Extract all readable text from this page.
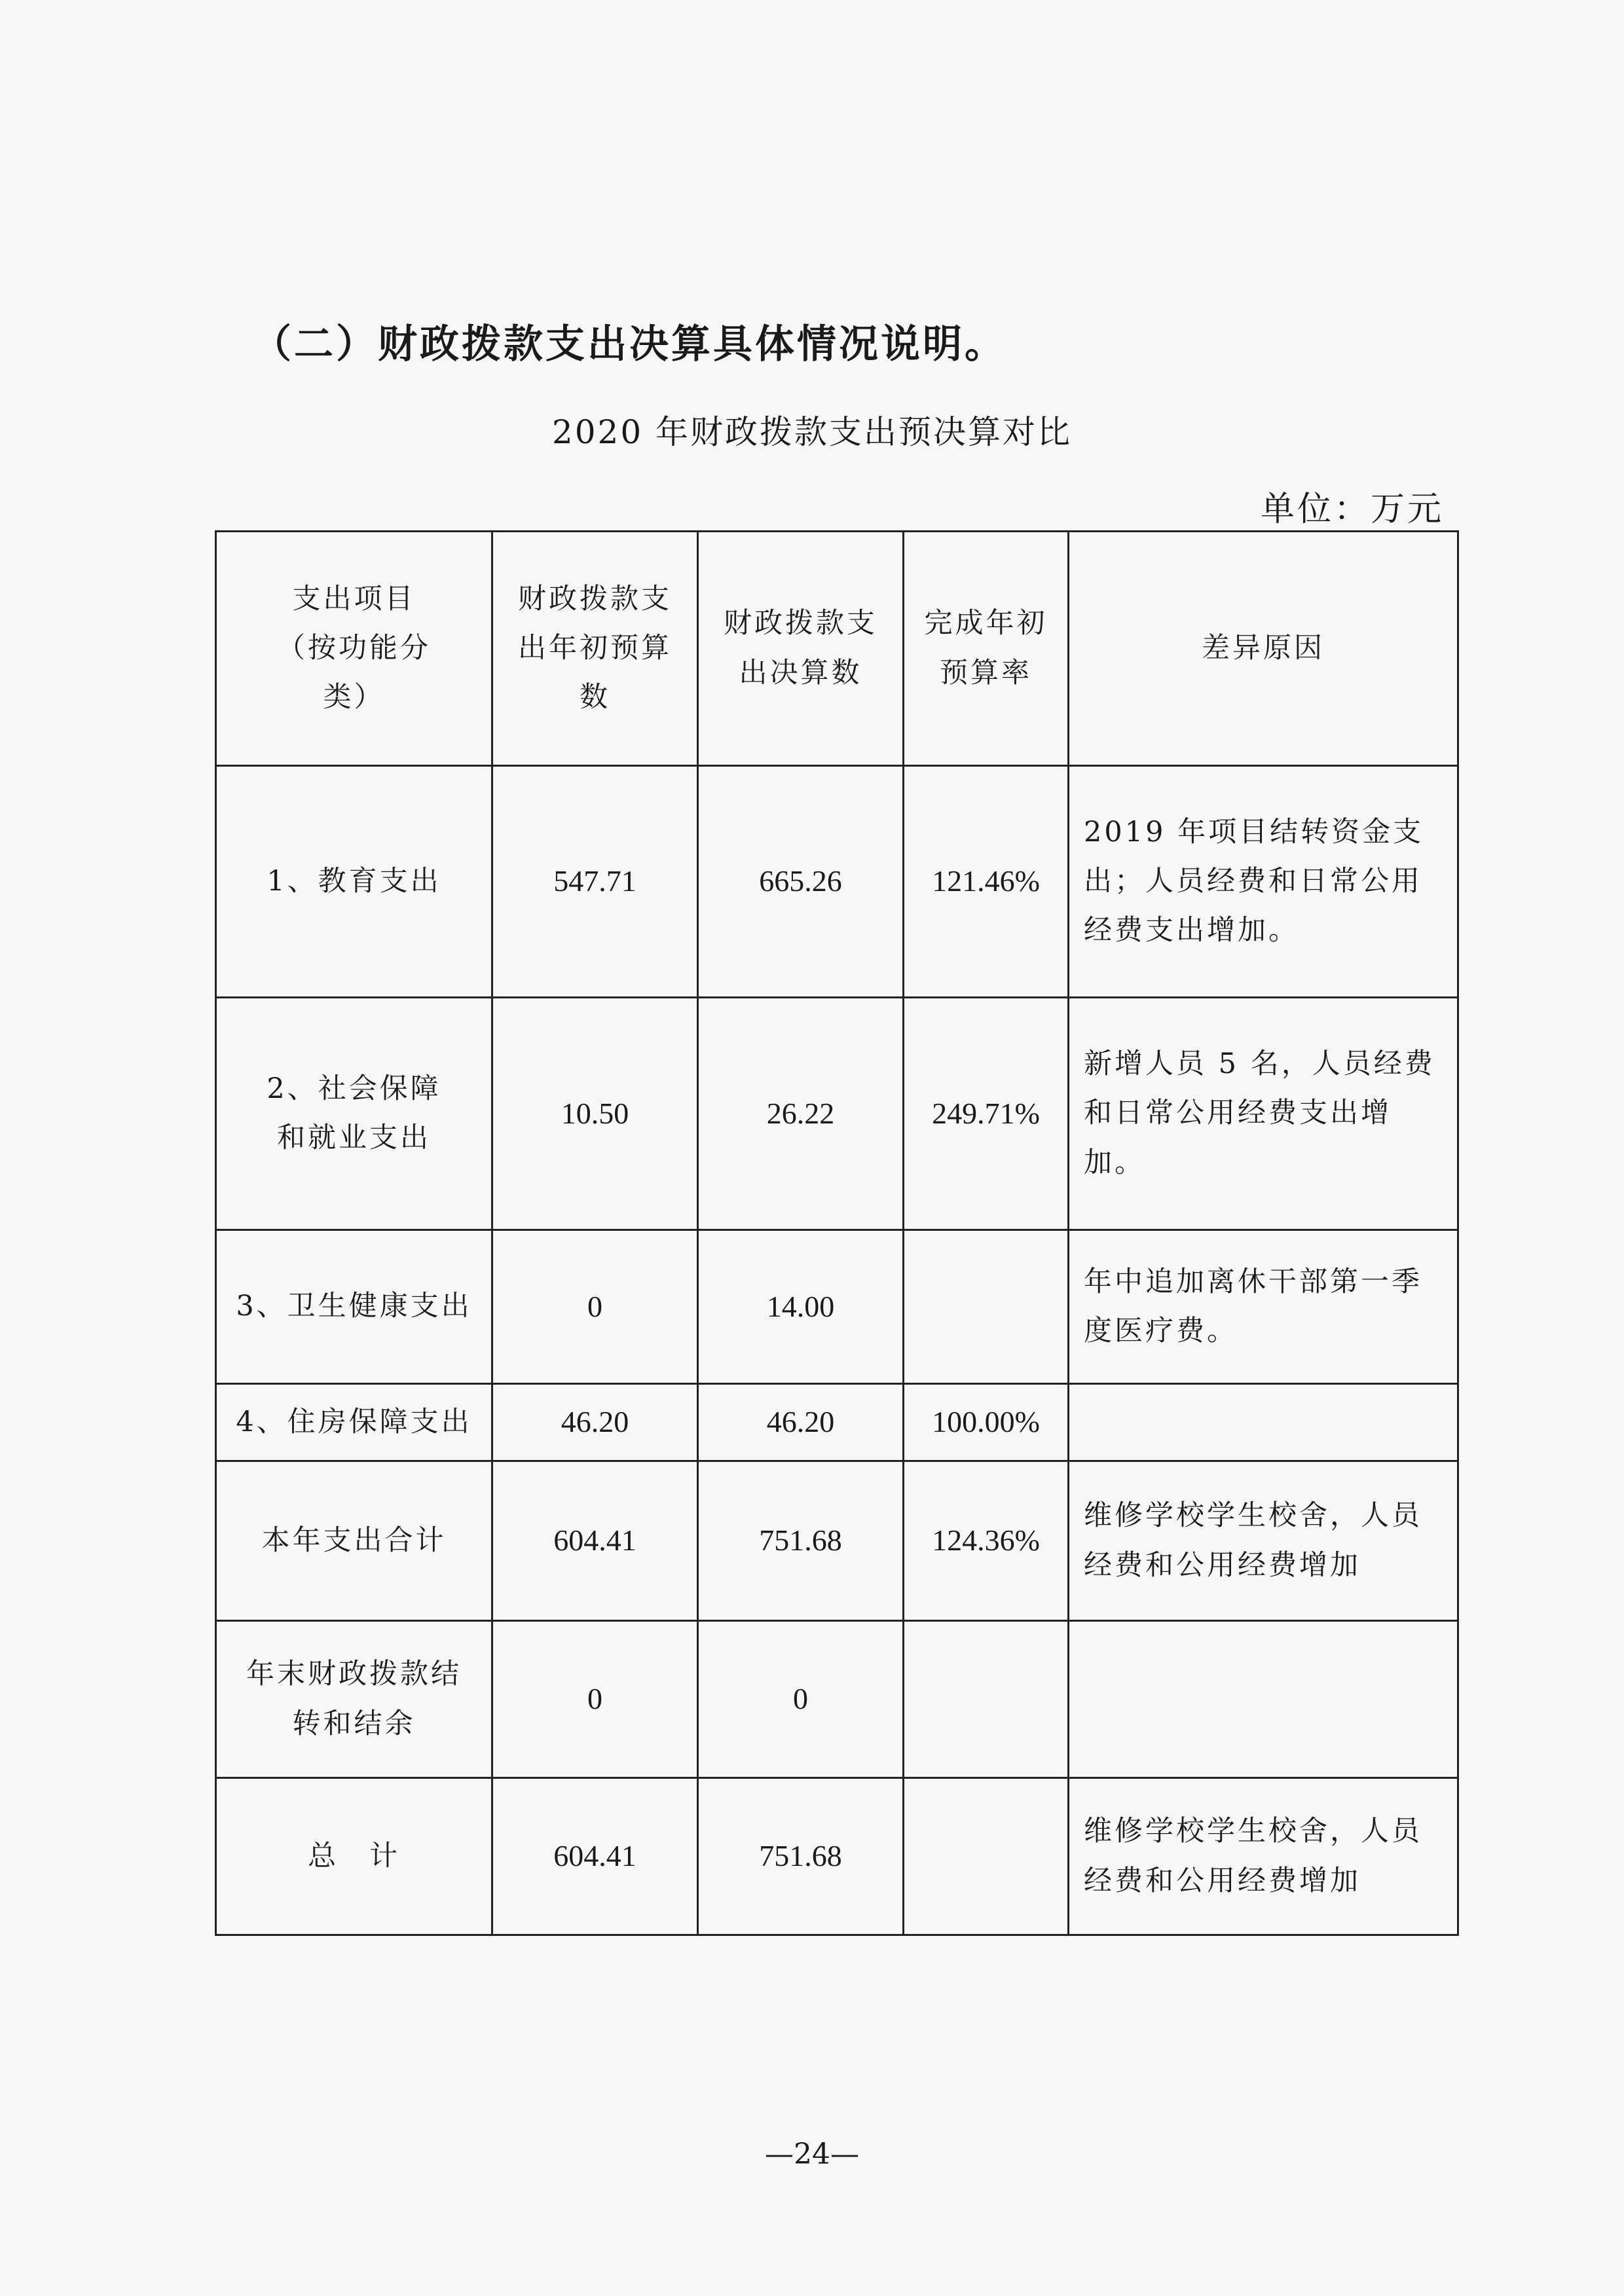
（二）财政拨款支出决算具体情况说明。
2020 年财政拨款支出预决算对比
单位：万元
支出项目（按功能分类）	财政拨款支出年初预算数	财政拨款支出决算数	完成年初预算率	差异原因
1、教育支出	547.71	665.26	121.46%	2019 年项目结转资金支出；人员经费和日常公用经费支出增加。
2、社会保障和就业支出	10.50	26.22	249.71%	新增人员 5 名，人员经费和日常公用经费支出增加。
3、卫生健康支出	0	14.00		年中追加离休干部第一季度医疗费。
4、住房保障支出	46.20	46.20	100.00%	
本年支出合计	604.41	751.68	124.36%	维修学校学生校舍，人员经费和公用经费增加
年末财政拨款结转和结余	0	0		
总　计	604.41	751.68		维修学校学生校舍，人员经费和公用经费增加
—24—
